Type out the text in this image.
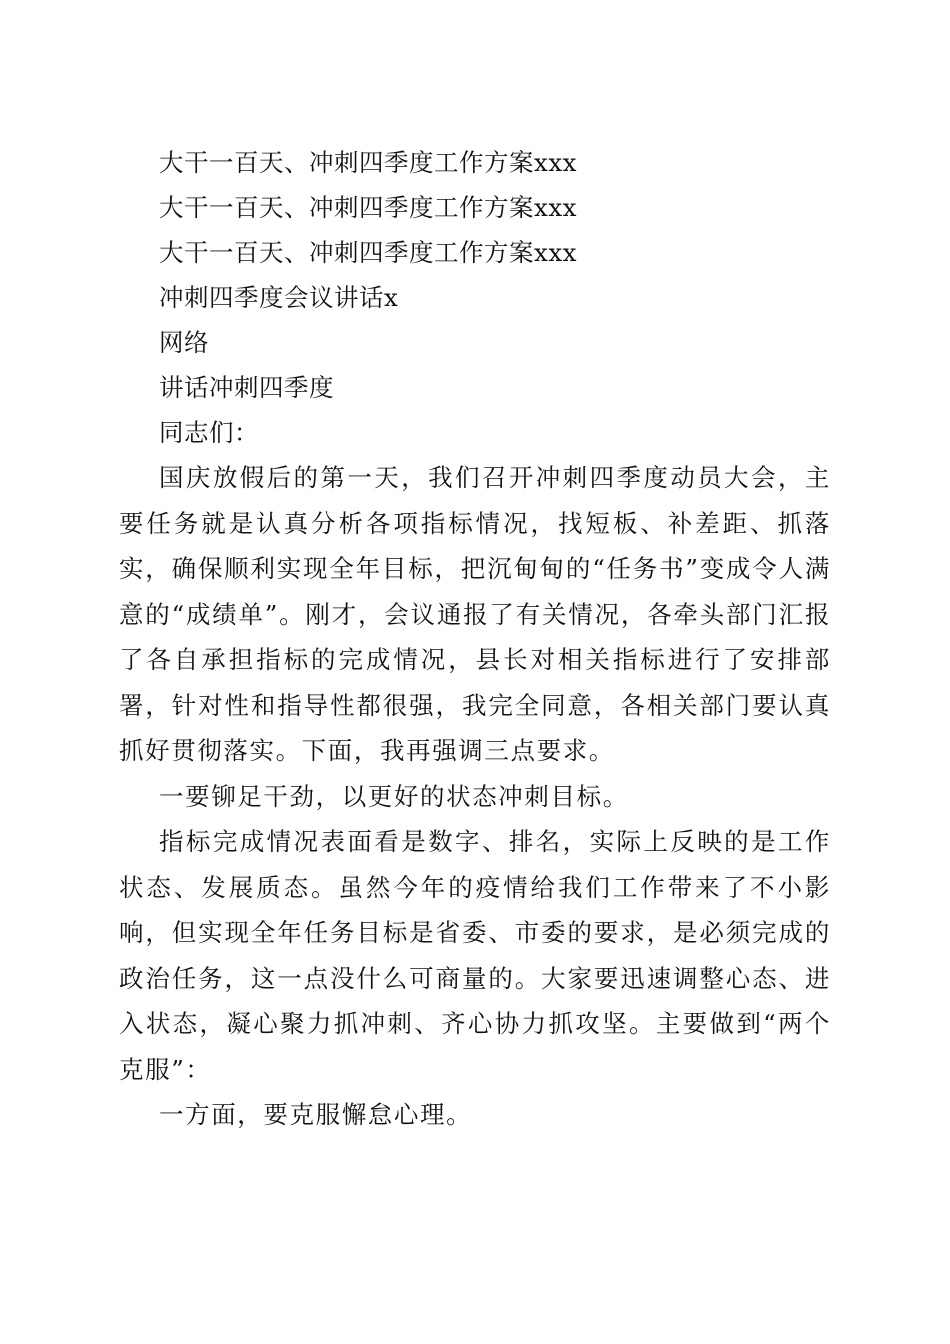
大干一百天、冲刺四季度工作方案xxx
大干一百天、冲刺四季度工作方案xxx
大干一百天、冲刺四季度工作方案xxx
冲刺四季度会议讲话x
网络
讲话冲刺四季度
同志们：

国庆放假后的第一天，我们召开冲刺四季度动员大会，主要任务就是认真分析各项指标情况，找短板、补差距、抓落实，确保顺利实现全年目标，把沉甸甸的“任务书”变成令人满意的“成绩单”。刚才，会议通报了有关情况，各牵头部门汇报了各自承担指标的完成情况，县长对相关指标进行了安排部署，针对性和指导性都很强，我完全同意，各相关部门要认真抓好贯彻落实。下面，我再强调三点要求。

一要铆足干劲，以更好的状态冲刺目标。

指标完成情况表面看是数字、排名，实际上反映的是工作状态、发展质态。虽然今年的疫情给我们工作带来了不小影响，但实现全年任务目标是省委、市委的要求，是必须完成的政治任务，这一点没什么可商量的。大家要迅速调整心态、进入状态，凝心聚力抓冲刺、齐心协力抓攻坚。主要做到“两个克服”：

一方面，要克服懈怠心理。
